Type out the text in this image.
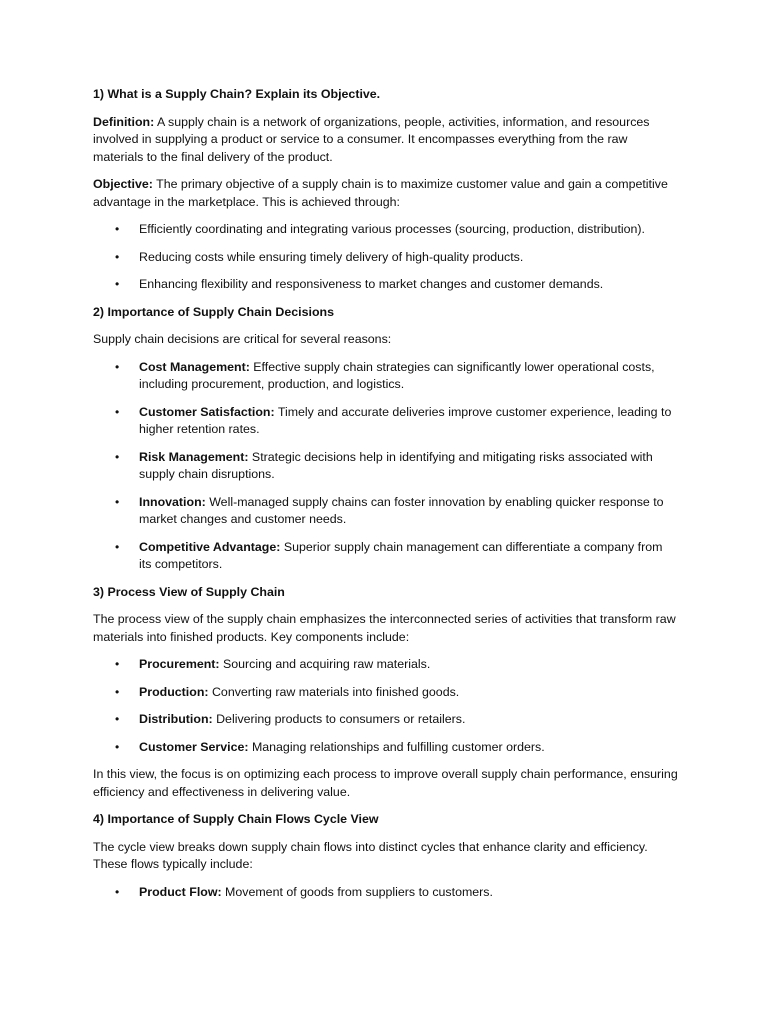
1) What is a Supply Chain? Explain its Objective.

Definition: A supply chain is a network of organizations, people, activities, information, and resources involved in supplying a product or service to a consumer. It encompasses everything from the raw materials to the final delivery of the product.

Objective: The primary objective of a supply chain is to maximize customer value and gain a competitive advantage in the marketplace. This is achieved through:

• Efficiently coordinating and integrating various processes (sourcing, production, distribution).
• Reducing costs while ensuring timely delivery of high-quality products.
• Enhancing flexibility and responsiveness to market changes and customer demands.
2) Importance of Supply Chain Decisions

Supply chain decisions are critical for several reasons:

• Cost Management: Effective supply chain strategies can significantly lower operational costs, including procurement, production, and logistics.
• Customer Satisfaction: Timely and accurate deliveries improve customer experience, leading to higher retention rates.
• Risk Management: Strategic decisions help in identifying and mitigating risks associated with supply chain disruptions.
• Innovation: Well-managed supply chains can foster innovation by enabling quicker response to market changes and customer needs.
• Competitive Advantage: Superior supply chain management can differentiate a company from its competitors.
3) Process View of Supply Chain

The process view of the supply chain emphasizes the interconnected series of activities that transform raw materials into finished products. Key components include:

• Procurement: Sourcing and acquiring raw materials.
• Production: Converting raw materials into finished goods.
• Distribution: Delivering products to consumers or retailers.
• Customer Service: Managing relationships and fulfilling customer orders.

In this view, the focus is on optimizing each process to improve overall supply chain performance, ensuring efficiency and effectiveness in delivering value.

4) Importance of Supply Chain Flows Cycle View

The cycle view breaks down supply chain flows into distinct cycles that enhance clarity and efficiency. These flows typically include:

• Product Flow: Movement of goods from suppliers to customers.
